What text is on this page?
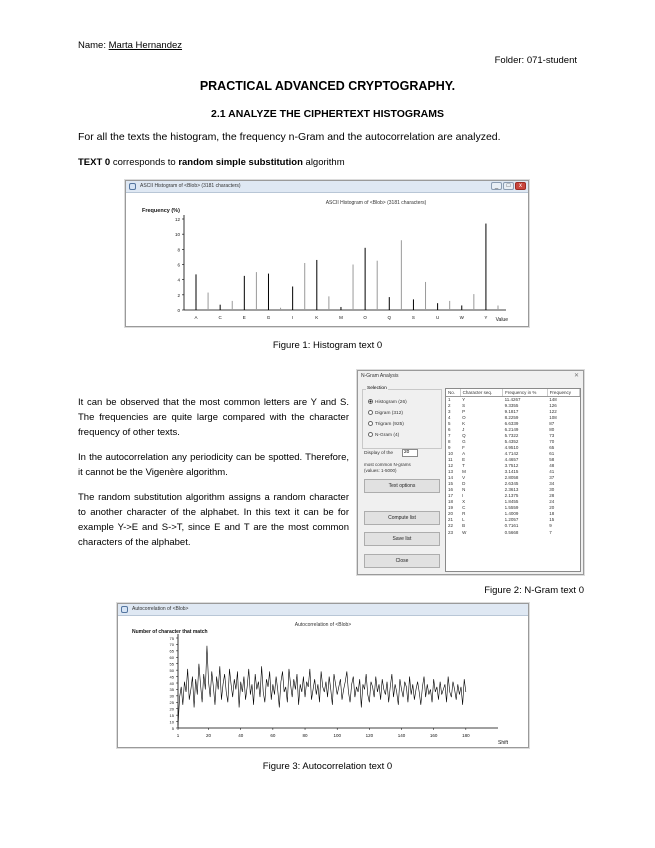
Name: Marta Hernandez
Folder: 071-student
PRACTICAL ADVANCED CRYPTOGRAPHY.
2.1 ANALYZE THE CIPHERTEXT HISTOGRAMS
For all the texts the histogram, the frequency n-Gram and the autocorrelation are analyzed.
TEXT 0 corresponds to random simple substitution algorithm
ASCII Histogram of <Blob> (3181 characters)	_	□	x
ASCII Histogram of <Blob> (3181 characters)
Frequency (%)
Value
0
2
4
6
8
10
12
A	C	E	G	I	K	M	O	Q	S	U	W	Y
Figure 1: Histogram text 0
It can be observed that the most common letters are Y and S. The frequencies are quite large compared with the character frequency of other texts.
In the autocorrelation any periodicity can be spotted. Therefore, it cannot be the Vigenère algorithm.
The random substitution algorithm assigns a random character to another character of the alphabet. In this text it can be for example Y->E and S->T, since E and T are the most common characters of the alphabet.
N-Gram Analysis	✕
Selection
Histogram (26)
Digram (312)
Trigram (925)
N-Gram (4)
Display of the	20
most common N-grams
(values: 1-5000)
Text options
Compute list
Save list
Close
No.	Character seq.	Frequency in %	Frequency
1	Y	11.4267	148
2	S	9.3355	126
3	P	9.1817	122
4	O	8.2259	108
5	K	6.6339	87
6	J	6.2149	80
7	Q	5.7322	73
8	G	5.4352	70
9	F	4.9510	65
10	A	4.7142	61
11	E	4.4657	58
12	T	3.7512	48
13	M	3.1415	41
14	V	2.8058	37
15	D	2.6345	34
16	N	2.3613	30
17	I	2.1375	28
18	X	1.8455	24
19	C	1.5559	20
20	R	1.4009	18
21	L	1.2057	15
22	B	0.7161	9
23	W	0.5668	7
Figure 2: N-Gram text 0
Autocorrelation of <Blob>
Autocorrelation of <Blob>
Number of character that match
Shift
75
70
65
60
55
50
45
40
35
30
25
20
15
10
5
1	20	40	60	80	100	120	140	160	180
Figure 3: Autocorrelation text 0
